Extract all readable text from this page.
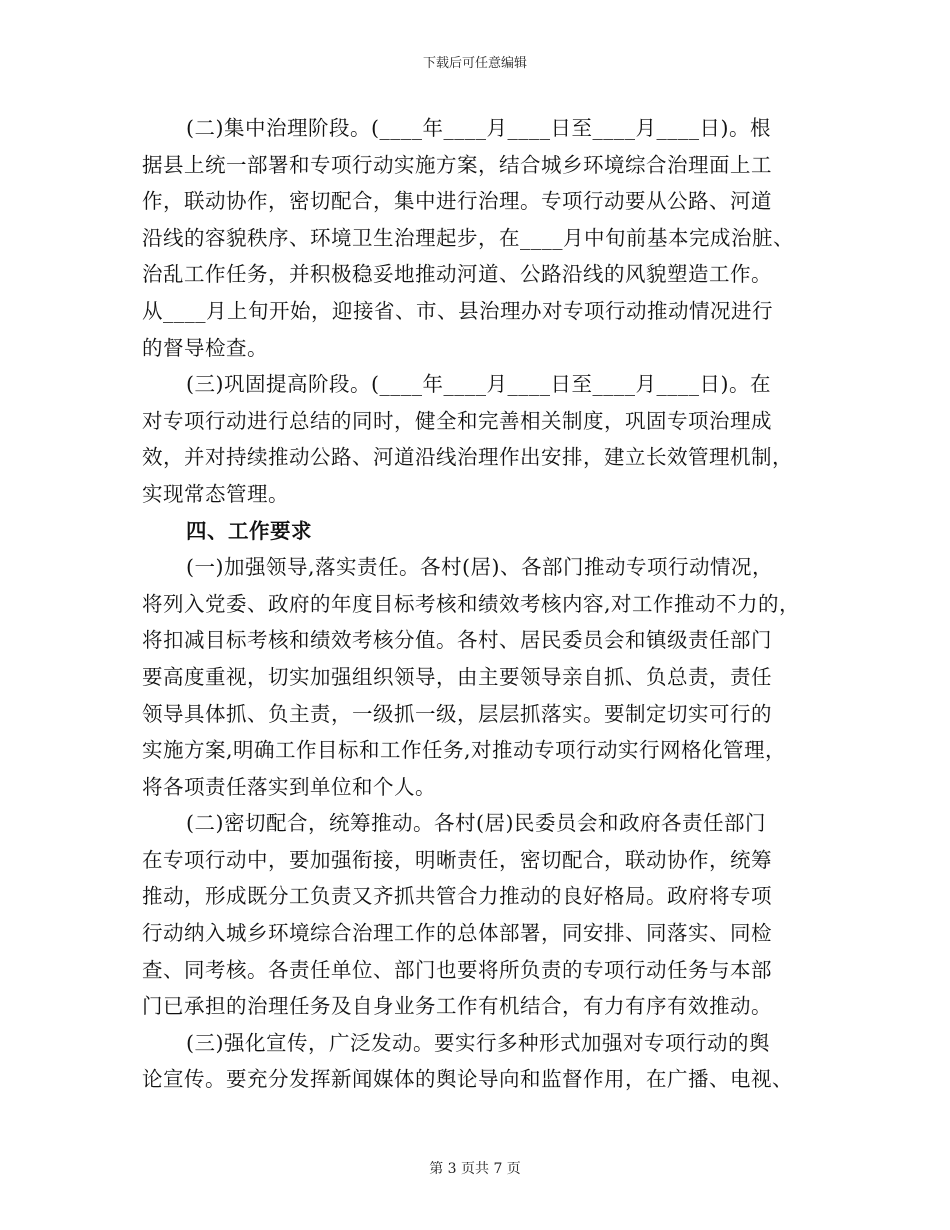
下载后可任意编辑
(二)集中治理阶段。(____年____月____日至____月____日)。根
据县上统一部署和专项行动实施方案，结合城乡环境综合治理面上工
作，联动协作，密切配合，集中进行治理。专项行动要从公路、河道
沿线的容貌秩序、环境卫生治理起步，在____月中旬前基本完成治脏、
治乱工作任务，并积极稳妥地推动河道、公路沿线的风貌塑造工作。
从____月上旬开始，迎接省、市、县治理办对专项行动推动情况进行
的督导检查。
(三)巩固提高阶段。(____年____月____日至____月____日)。在
对专项行动进行总结的同时，健全和完善相关制度，巩固专项治理成
效，并对持续推动公路、河道沿线治理作出安排，建立长效管理机制，
实现常态管理。
四、工作要求
(一)加强领导,落实责任。各村(居)、各部门推动专项行动情况，
将列入党委、政府的年度目标考核和绩效考核内容,对工作推动不力的，
将扣减目标考核和绩效考核分值。各村、居民委员会和镇级责任部门
要高度重视，切实加强组织领导，由主要领导亲自抓、负总责，责任
领导具体抓、负主责，一级抓一级，层层抓落实。要制定切实可行的
实施方案,明确工作目标和工作任务,对推动专项行动实行网格化管理，
将各项责任落实到单位和个人。
(二)密切配合，统筹推动。各村(居)民委员会和政府各责任部门
在专项行动中，要加强衔接，明晰责任，密切配合，联动协作，统筹
推动，形成既分工负责又齐抓共管合力推动的良好格局。政府将专项
行动纳入城乡环境综合治理工作的总体部署，同安排、同落实、同检
查、同考核。各责任单位、部门也要将所负责的专项行动任务与本部
门已承担的治理任务及自身业务工作有机结合，有力有序有效推动。
(三)强化宣传，广泛发动。要实行多种形式加强对专项行动的舆
论宣传。要充分发挥新闻媒体的舆论导向和监督作用，在广播、电视、
第 3 页共 7 页
